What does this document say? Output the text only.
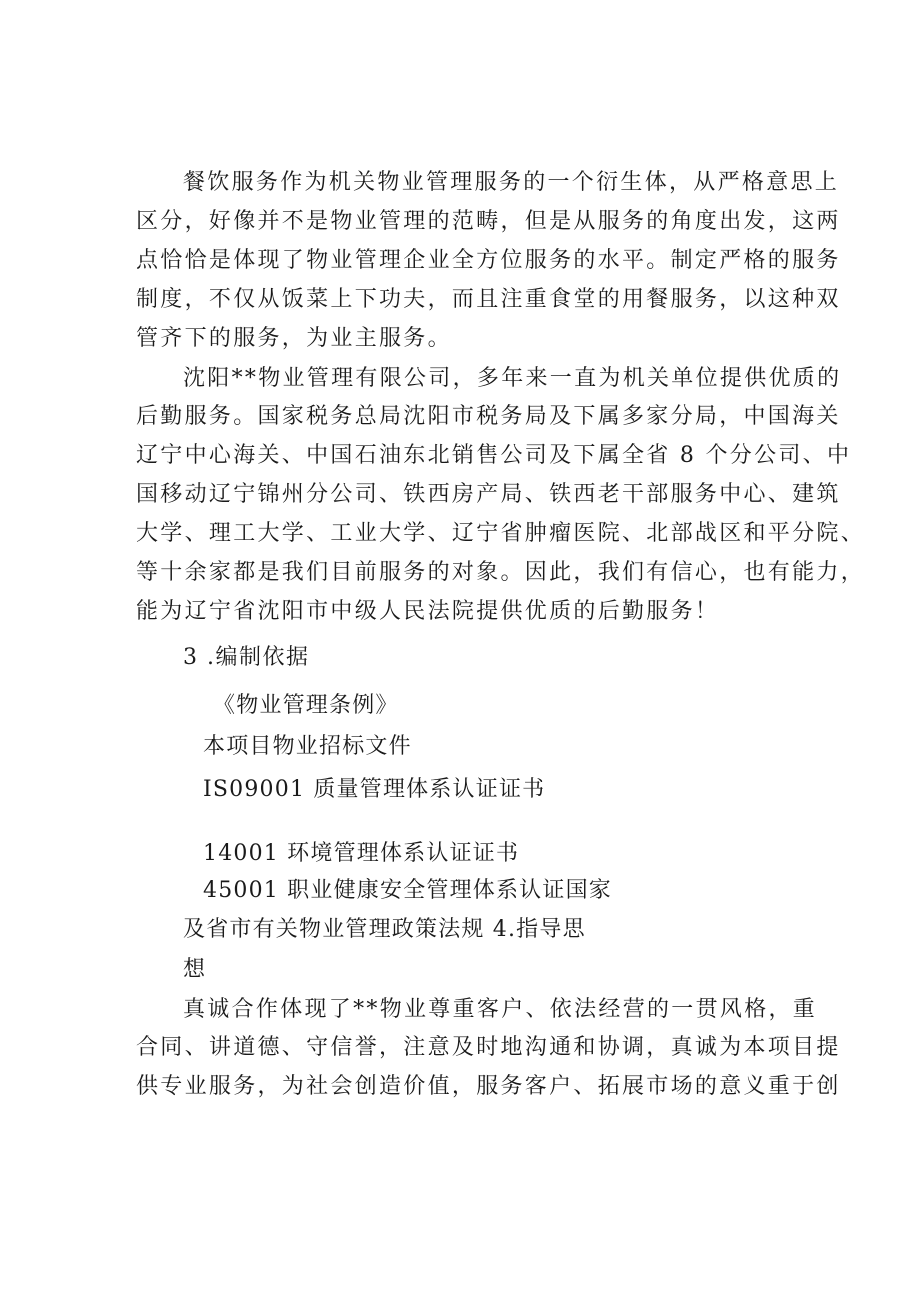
餐饮服务作为机关物业管理服务的一个衍生体，从严格意思上
区分，好像并不是物业管理的范畴，但是从服务的角度出发，这两
点恰恰是体现了物业管理企业全方位服务的水平。制定严格的服务
制度，不仅从饭菜上下功夫，而且注重食堂的用餐服务，以这种双
管齐下的服务，为业主服务。
沈阳**物业管理有限公司，多年来一直为机关单位提供优质的
后勤服务。国家税务总局沈阳市税务局及下属多家分局，中国海关
辽宁中心海关、中国石油东北销售公司及下属全省 8 个分公司、中
国移动辽宁锦州分公司、铁西房产局、铁西老干部服务中心、建筑
大学、理工大学、工业大学、辽宁省肿瘤医院、北部战区和平分院、
等十余家都是我们目前服务的对象。因此，我们有信心，也有能力，
能为辽宁省沈阳市中级人民法院提供优质的后勤服务！
3 .编制依据
《物业管理条例》
本项目物业招标文件
IS09001 质量管理体系认证证书
14001 环境管理体系认证证书
45001 职业健康安全管理体系认证国家
及省市有关物业管理政策法规 4.指导思
想
真诚合作体现了**物业尊重客户、依法经营的一贯风格，重
合同、讲道德、守信誉，注意及时地沟通和协调，真诚为本项目提
供专业服务，为社会创造价值，服务客户、拓展市场的意义重于创
